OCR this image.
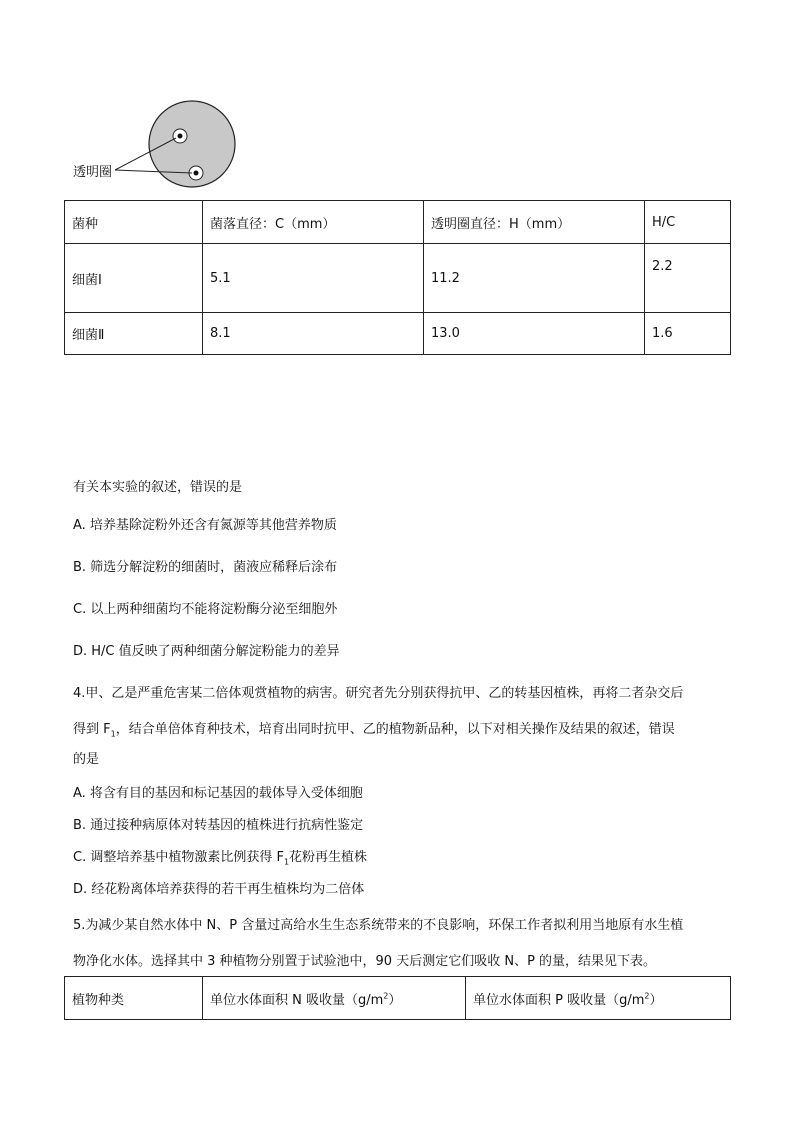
透明圈
菌种	菌落直径：C（mm）	透明圈直径：H（mm）	H/C
细菌Ⅰ	5.1	11.2	2.2
细菌Ⅱ	8.1	13.0	1.6
有关本实验的叙述，错误的是
A. 培养基除淀粉外还含有氮源等其他营养物质
B. 筛选分解淀粉的细菌时，菌液应稀释后涂布
C. 以上两种细菌均不能将淀粉酶分泌至细胞外
D. H/C 值反映了两种细菌分解淀粉能力的差异
4.甲、乙是严重危害某二倍体观赏植物的病害。研究者先分别获得抗甲、乙的转基因植株，再将二者杂交后
得到 $F_1$，结合单倍体育种技术，培育出同时抗甲、乙的植物新品种，以下对相关操作及结果的叙述，错误
的是
A. 将含有目的基因和标记基因的载体导入受体细胞
B. 通过接种病原体对转基因的植株进行抗病性鉴定
C. 调整培养基中植物激素比例获得 $F_1$花粉再生植株
D. 经花粉离体培养获得的若干再生植株均为二倍体
5.为减少某自然水体中 N、P 含量过高给水生生态系统带来的不良影响，环保工作者拟利用当地原有水生植
物净化水体。选择其中 3 种植物分别置于试验池中，90 天后测定它们吸收 N、P 的量，结果见下表。
植物种类	单位水体面积 N 吸收量$(g/m^2)$	单位水体面积 P 吸收量$(g/m^2)$
